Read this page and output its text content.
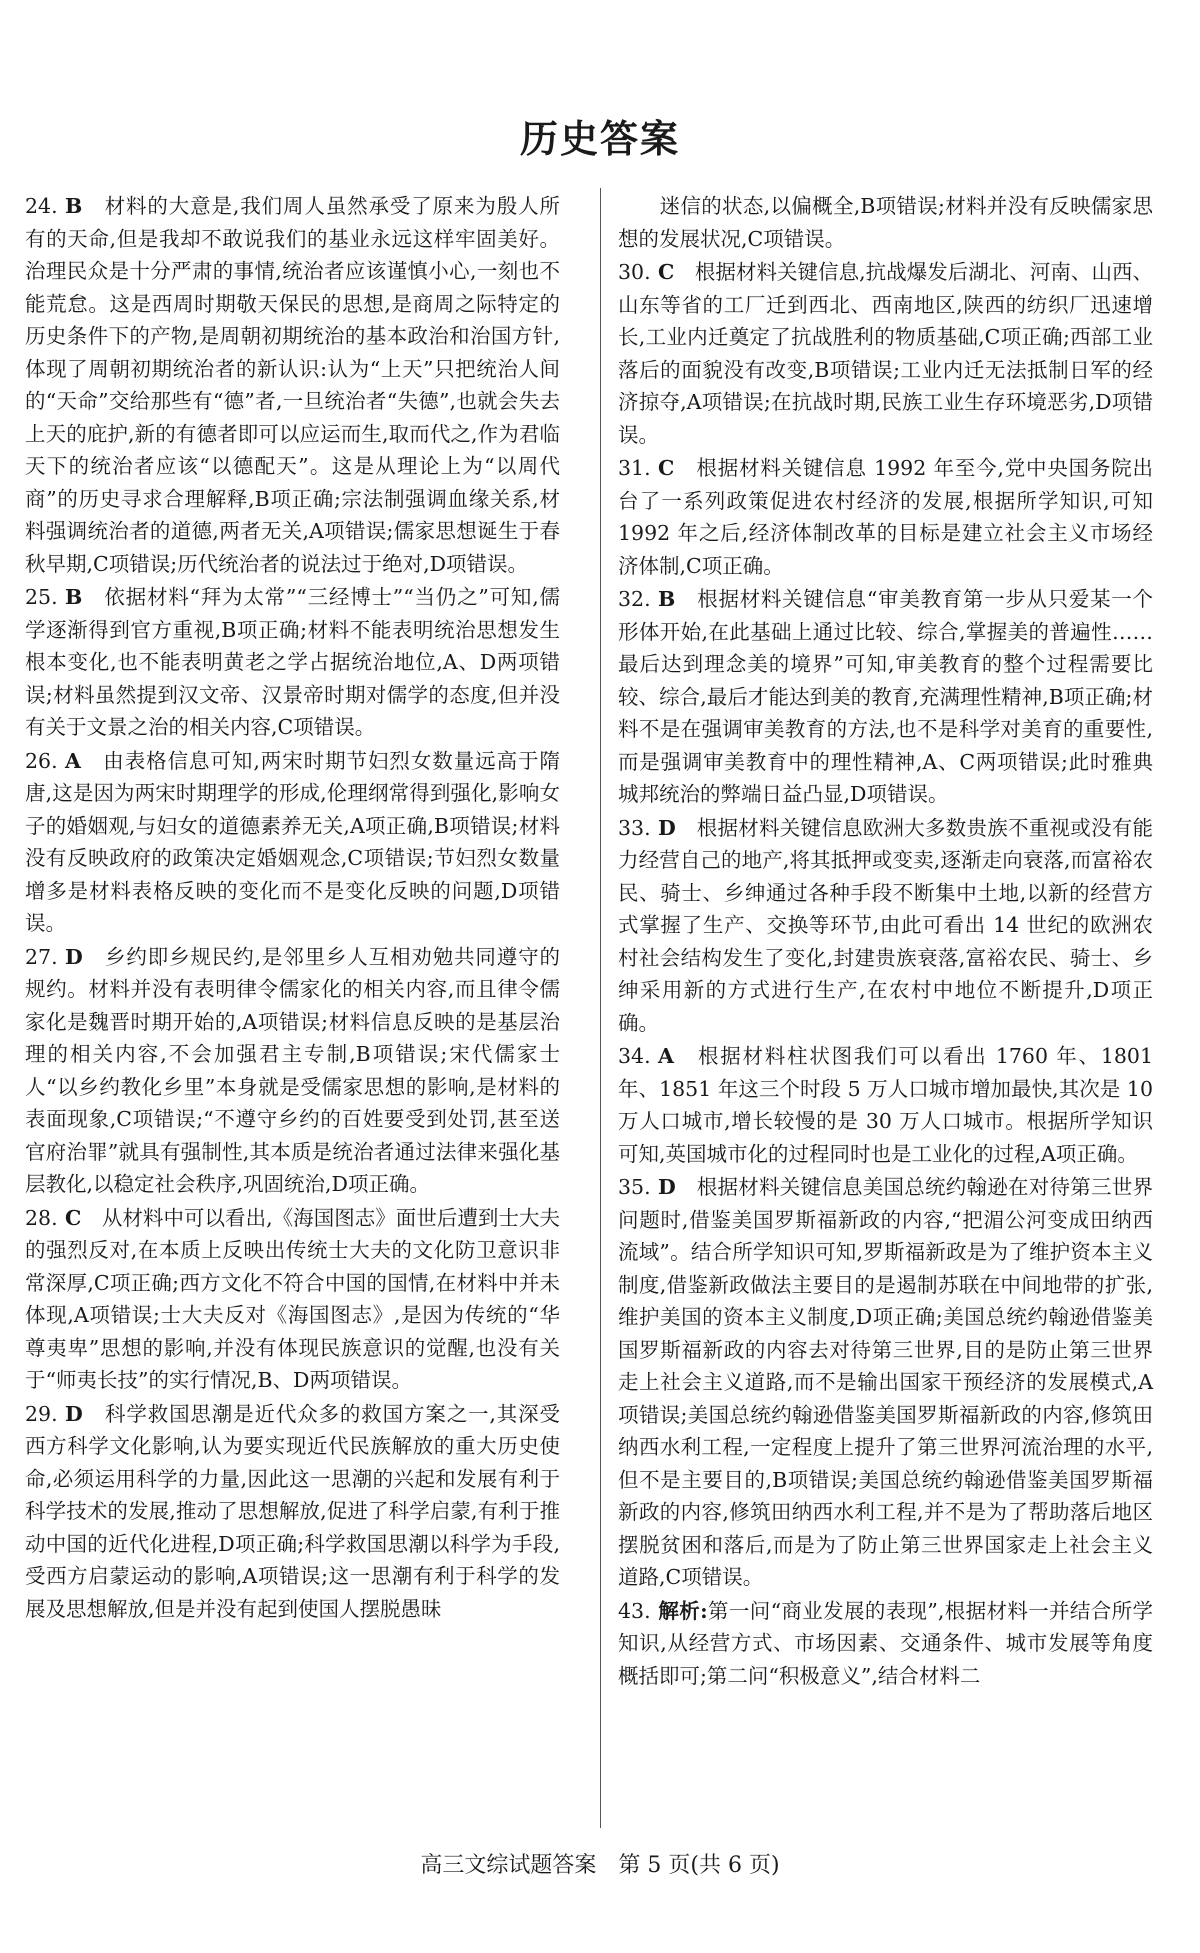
历史答案

24. B　材料的大意是,我们周人虽然承受了原来为殷人所有的天命,但是我却不敢说我们的基业永远这样牢固美好。治理民众是十分严肃的事情,统治者应该谨慎小心,一刻也不能荒怠。这是西周时期敬天保民的思想,是商周之际特定的历史条件下的产物,是周朝初期统治的基本政治和治国方针,体现了周朝初期统治者的新认识:认为“上天”只把统治人间的“天命”交给那些有“德”者,一旦统治者“失德”,也就会失去上天的庇护,新的有德者即可以应运而生,取而代之,作为君临天下的统治者应该“以德配天”。这是从理论上为“以周代商”的历史寻求合理解释,B项正确;宗法制强调血缘关系,材料强调统治者的道德,两者无关,A项错误;儒家思想诞生于春秋早期,C项错误;历代统治者的说法过于绝对,D项错误。

25. B　依据材料“拜为太常”“三经博士”“当仍之”可知,儒学逐渐得到官方重视,B项正确;材料不能表明统治思想发生根本变化,也不能表明黄老之学占据统治地位,A、D两项错误;材料虽然提到汉文帝、汉景帝时期对儒学的态度,但并没有关于文景之治的相关内容,C项错误。

26. A　由表格信息可知,两宋时期节妇烈女数量远高于隋唐,这是因为两宋时期理学的形成,伦理纲常得到强化,影响女子的婚姻观,与妇女的道德素养无关,A项正确,B项错误;材料没有反映政府的政策决定婚姻观念,C项错误;节妇烈女数量增多是材料表格反映的变化而不是变化反映的问题,D项错误。

27. D　乡约即乡规民约,是邻里乡人互相劝勉共同遵守的规约。材料并没有表明律令儒家化的相关内容,而且律令儒家化是魏晋时期开始的,A项错误;材料信息反映的是基层治理的相关内容,不会加强君主专制,B项错误;宋代儒家士人“以乡约教化乡里”本身就是受儒家思想的影响,是材料的表面现象,C项错误;“不遵守乡约的百姓要受到处罚,甚至送官府治罪”就具有强制性,其本质是统治者通过法律来强化基层教化,以稳定社会秩序,巩固统治,D项正确。

28. C　从材料中可以看出,《海国图志》面世后遭到士大夫的强烈反对,在本质上反映出传统士大夫的文化防卫意识非常深厚,C项正确;西方文化不符合中国的国情,在材料中并未体现,A项错误;士大夫反对《海国图志》,是因为传统的“华尊夷卑”思想的影响,并没有体现民族意识的觉醒,也没有关于“师夷长技”的实行情况,B、D两项错误。

29. D　科学救国思潮是近代众多的救国方案之一,其深受西方科学文化影响,认为要实现近代民族解放的重大历史使命,必须运用科学的力量,因此这一思潮的兴起和发展有利于科学技术的发展,推动了思想解放,促进了科学启蒙,有利于推动中国的近代化进程,D项正确;科学救国思潮以科学为手段,受西方启蒙运动的影响,A项错误;这一思潮有利于科学的发展及思想解放,但是并没有起到使国人摆脱愚昧

　　迷信的状态,以偏概全,B项错误;材料并没有反映儒家思想的发展状况,C项错误。

30. C　根据材料关键信息,抗战爆发后湖北、河南、山西、山东等省的工厂迁到西北、西南地区,陕西的纺织厂迅速增长,工业内迁奠定了抗战胜利的物质基础,C项正确;西部工业落后的面貌没有改变,B项错误;工业内迁无法抵制日军的经济掠夺,A项错误;在抗战时期,民族工业生存环境恶劣,D项错误。

31. C　根据材料关键信息 1992 年至今,党中央国务院出台了一系列政策促进农村经济的发展,根据所学知识,可知 1992 年之后,经济体制改革的目标是建立社会主义市场经济体制,C项正确。

32. B　根据材料关键信息“审美教育第一步从只爱某一个形体开始,在此基础上通过比较、综合,掌握美的普遍性……最后达到理念美的境界”可知,审美教育的整个过程需要比较、综合,最后才能达到美的教育,充满理性精神,B项正确;材料不是在强调审美教育的方法,也不是科学对美育的重要性,而是强调审美教育中的理性精神,A、C两项错误;此时雅典城邦统治的弊端日益凸显,D项错误。

33. D　根据材料关键信息欧洲大多数贵族不重视或没有能力经营自己的地产,将其抵押或变卖,逐渐走向衰落,而富裕农民、骑士、乡绅通过各种手段不断集中土地,以新的经营方式掌握了生产、交换等环节,由此可看出 14 世纪的欧洲农村社会结构发生了变化,封建贵族衰落,富裕农民、骑士、乡绅采用新的方式进行生产,在农村中地位不断提升,D项正确。

34. A　根据材料柱状图我们可以看出 1760 年、1801 年、1851 年这三个时段 5 万人口城市增加最快,其次是 10 万人口城市,增长较慢的是 30 万人口城市。根据所学知识可知,英国城市化的过程同时也是工业化的过程,A项正确。

35. D　根据材料关键信息美国总统约翰逊在对待第三世界问题时,借鉴美国罗斯福新政的内容,“把湄公河变成田纳西流域”。结合所学知识可知,罗斯福新政是为了维护资本主义制度,借鉴新政做法主要目的是遏制苏联在中间地带的扩张,维护美国的资本主义制度,D项正确;美国总统约翰逊借鉴美国罗斯福新政的内容去对待第三世界,目的是防止第三世界走上社会主义道路,而不是输出国家干预经济的发展模式,A项错误;美国总统约翰逊借鉴美国罗斯福新政的内容,修筑田纳西水利工程,一定程度上提升了第三世界河流治理的水平,但不是主要目的,B项错误;美国总统约翰逊借鉴美国罗斯福新政的内容,修筑田纳西水利工程,并不是为了帮助落后地区摆脱贫困和落后,而是为了防止第三世界国家走上社会主义道路,C项错误。

43. 解析:第一问“商业发展的表现”,根据材料一并结合所学知识,从经营方式、市场因素、交通条件、城市发展等角度概括即可;第二问“积极意义”,结合材料二

高三文综试题答案　第 5 页(共 6 页)
